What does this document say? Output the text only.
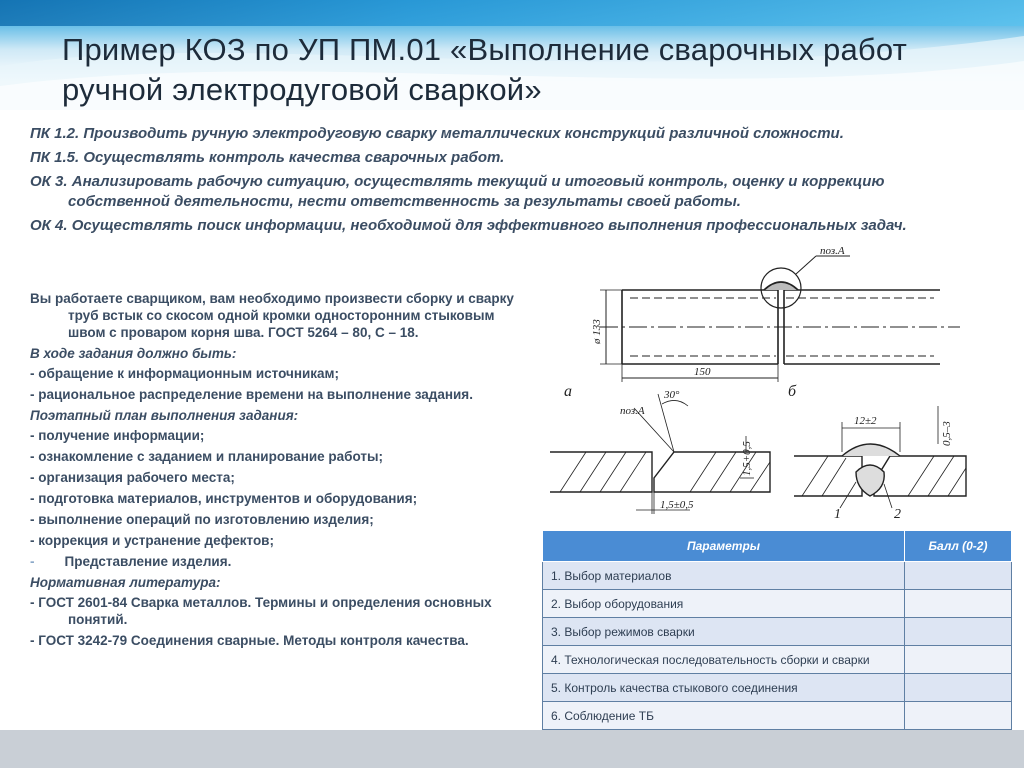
Пример КОЗ по УП ПМ.01 «Выполнение сварочных работ ручной электродуговой сваркой»
ПК 1.2. Производить ручную электродуговую сварку металлических конструкций различной сложности.
ПК 1.5. Осуществлять контроль качества сварочных работ.
ОК 3. Анализировать рабочую ситуацию, осуществлять текущий и итоговый контроль, оценку и коррекцию собственной деятельности, нести ответственность за результаты своей работы.
ОК 4. Осуществлять поиск информации, необходимой для эффективного выполнения профессиональных задач.
Вы работаете сварщиком, вам необходимо произвести сборку и сварку труб встык со скосом одной кромки односторонним стыковым швом с проваром корня шва. ГОСТ 5264 – 80, С – 18.
В ходе задания должно быть:
- обращение к информационным источникам;
- рациональное распределение времени на выполнение задания.
Поэтапный план выполнения задания:
- получение информации;
- ознакомление с заданием и планирование работы;
- организация рабочего места;
- подготовка материалов, инструментов и оборудования;
- выполнение операций по изготовлению изделия;
- коррекция и устранение дефектов;
- Представление изделия.
Нормативная литература:
- ГОСТ 2601-84 Сварка металлов. Термины и определения основных понятий.
- ГОСТ 3242-79 Соединения сварные. Методы контроля качества.
поз.А
ø 133
150
а	б
поз.А
30°
1,5+0,5
1,5±0,5
12±2
0,5–3
1	2
Параметры	Балл (0-2)
1. Выбор материалов	
2. Выбор оборудования	
3. Выбор режимов сварки	
4. Технологическая последовательность сборки и сварки	
5. Контроль качества стыкового соединения	
6. Соблюдение ТБ	
